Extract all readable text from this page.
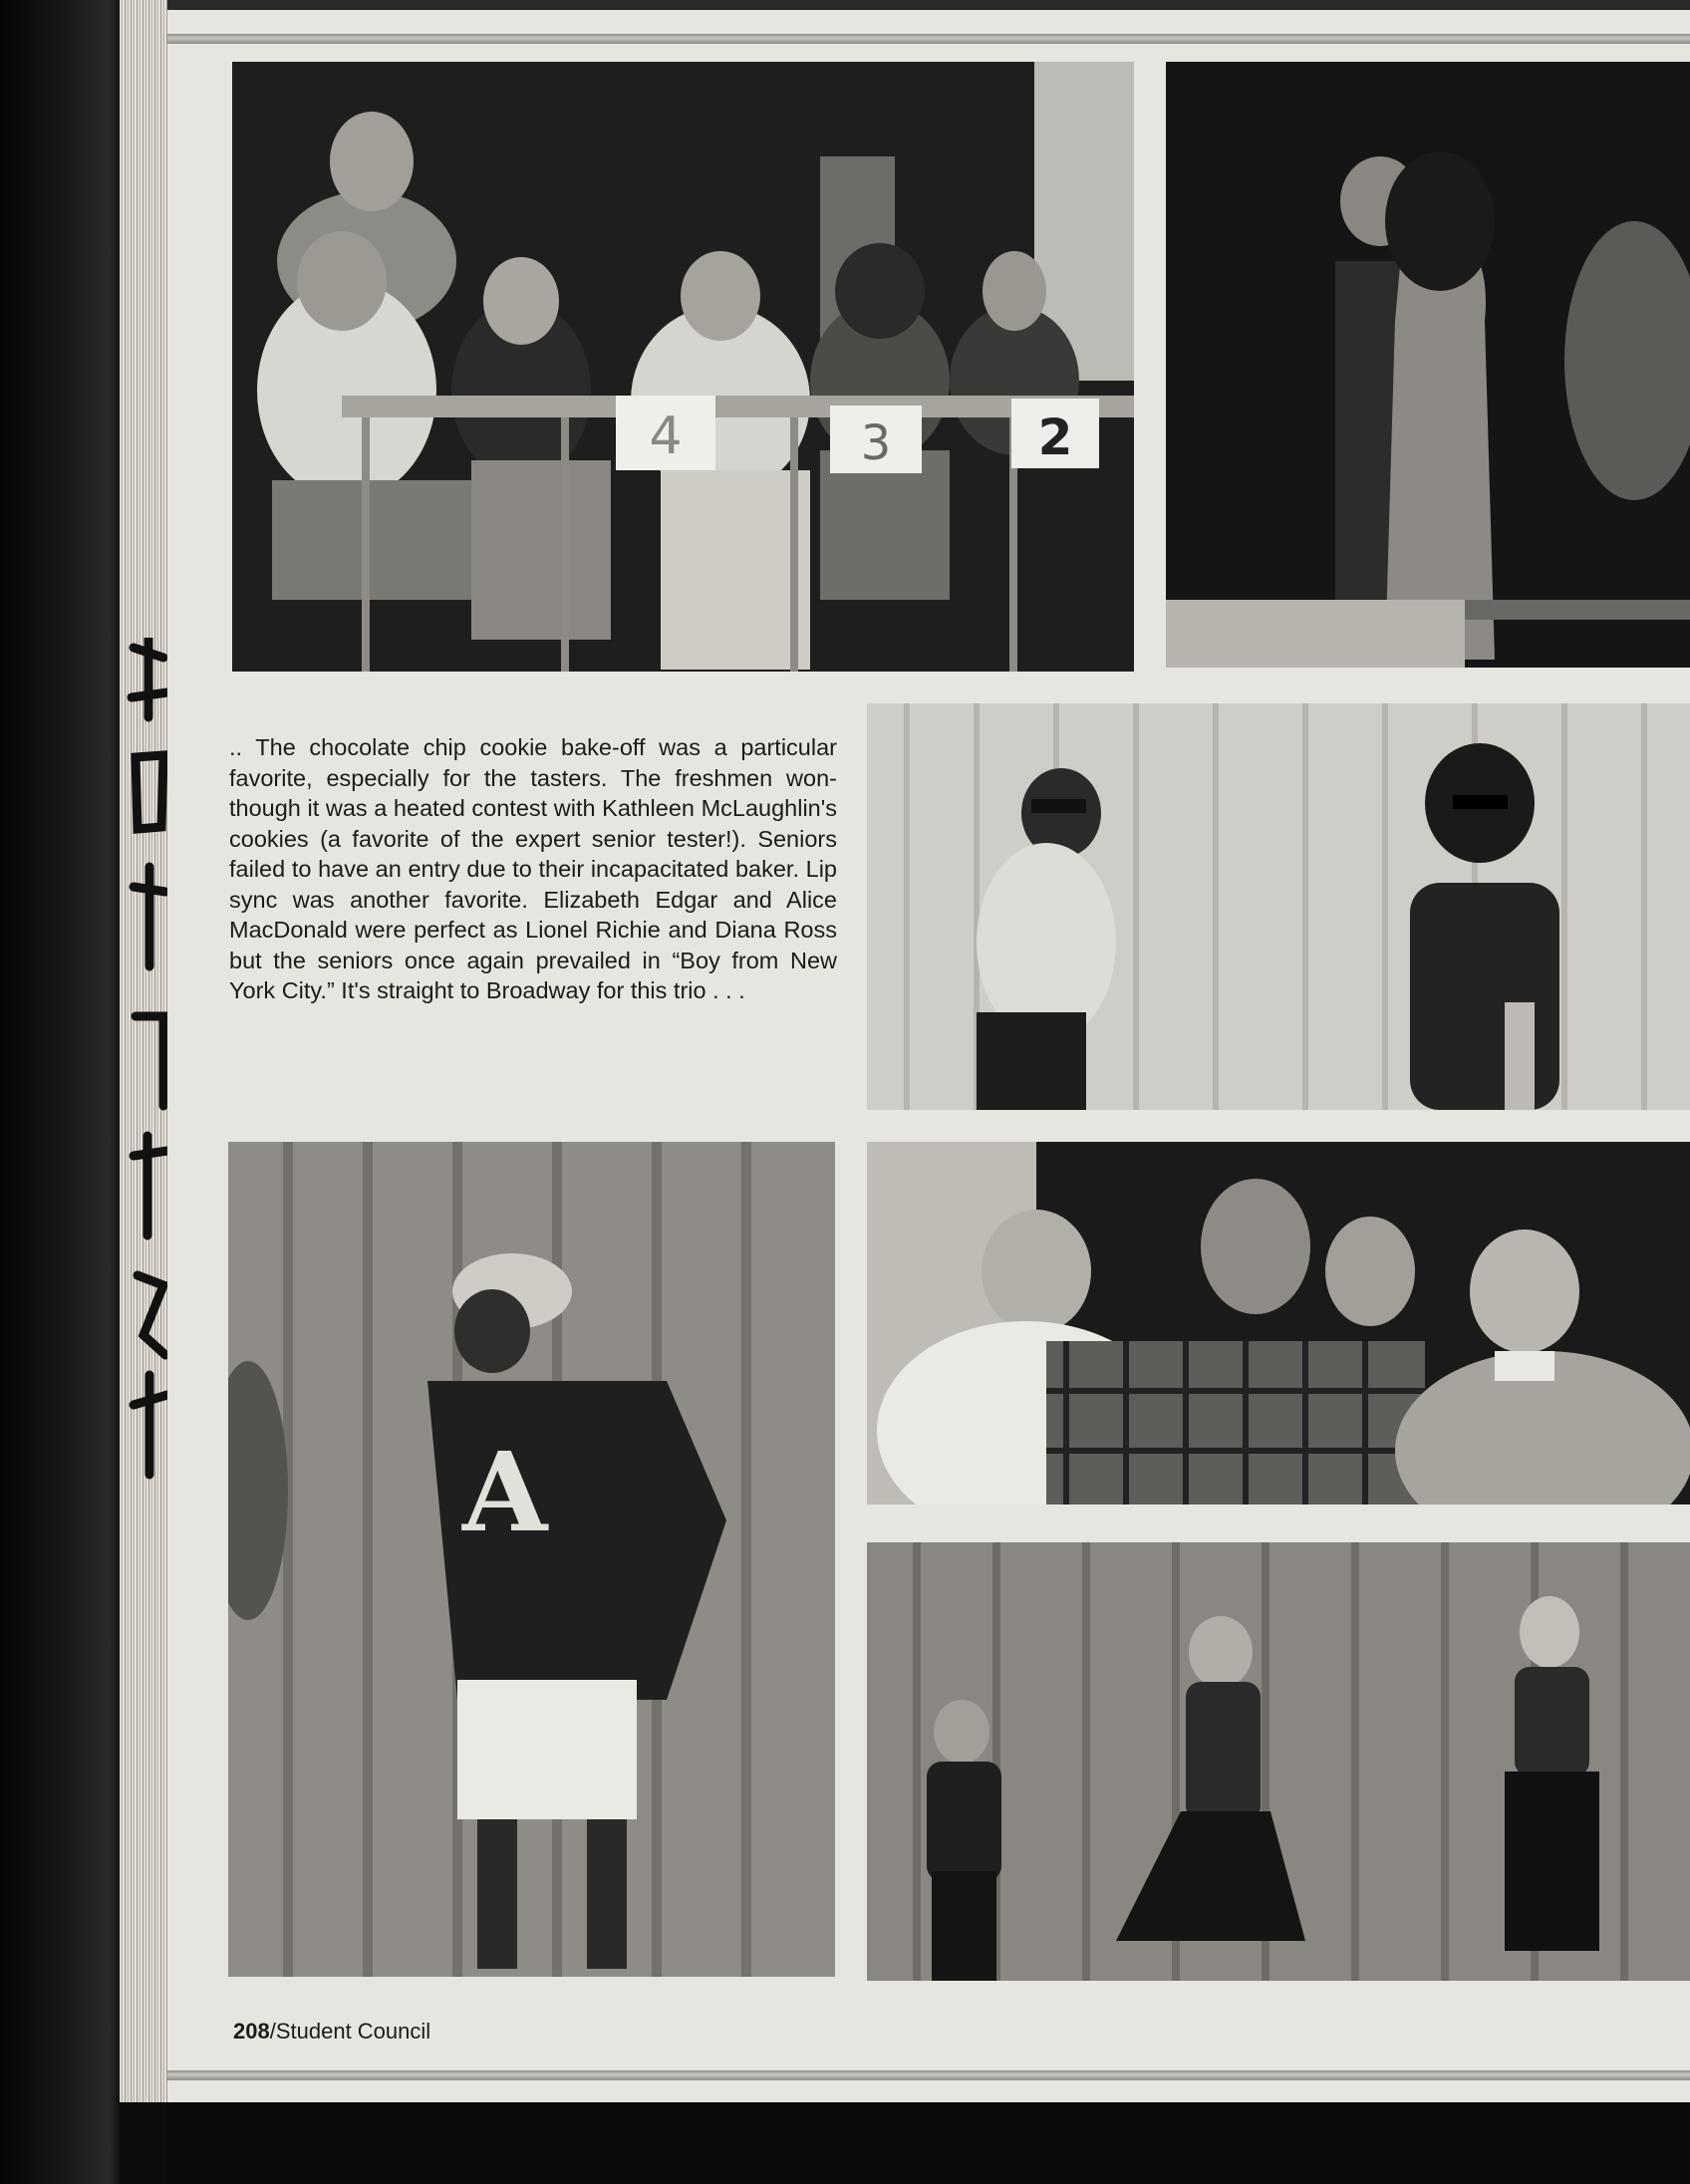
4	3	2

.. The chocolate chip cookie bake-off was a particular favorite, especially for the tasters. The freshmen won-though it was a heated contest with Kathleen McLaughlin's cookies (a favorite of the expert senior tester!). Seniors failed to have an entry due to their incapacitated baker. Lip sync was another favorite. Elizabeth Edgar and Alice MacDonald were perfect as Lionel Richie and Diana Ross but the seniors once again prevailed in “Boy from New York City.” It's straight to Broadway for this trio . . .

A
208/Student Council
